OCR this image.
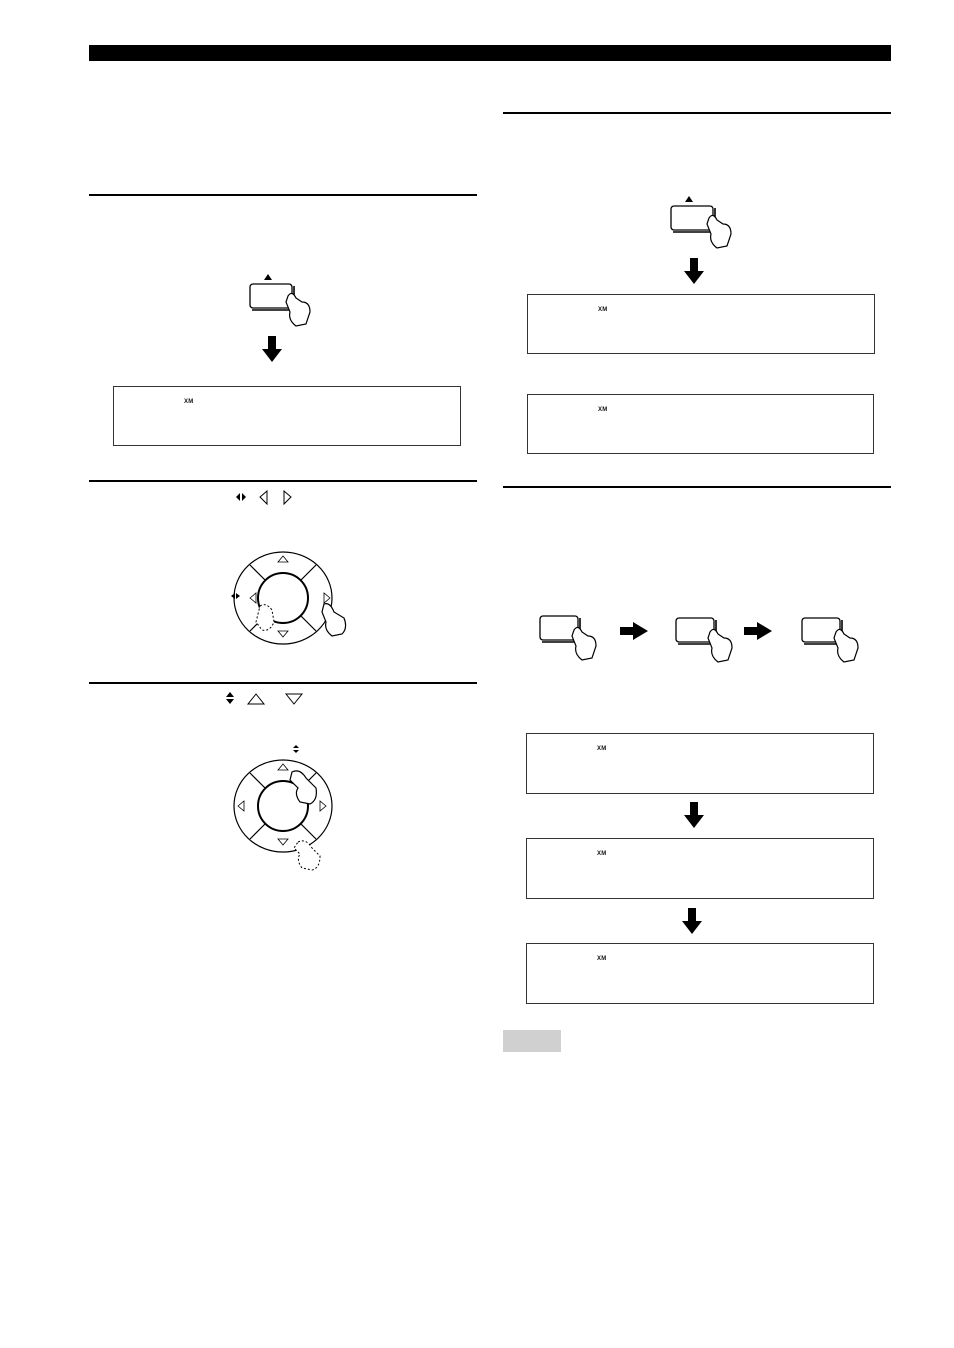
XM
XM
XM
XM
XM
XM
